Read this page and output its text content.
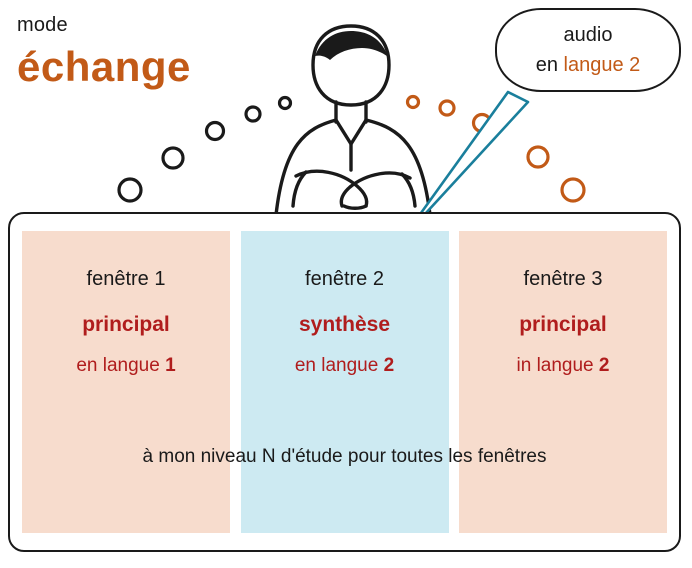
mode
échange
audio
en langue 2
fenêtre 1
principal
en langue 1
fenêtre 2
synthèse
en langue 2
fenêtre 3
principal
in langue 2
à mon niveau N d'étude pour toutes les fenêtres
